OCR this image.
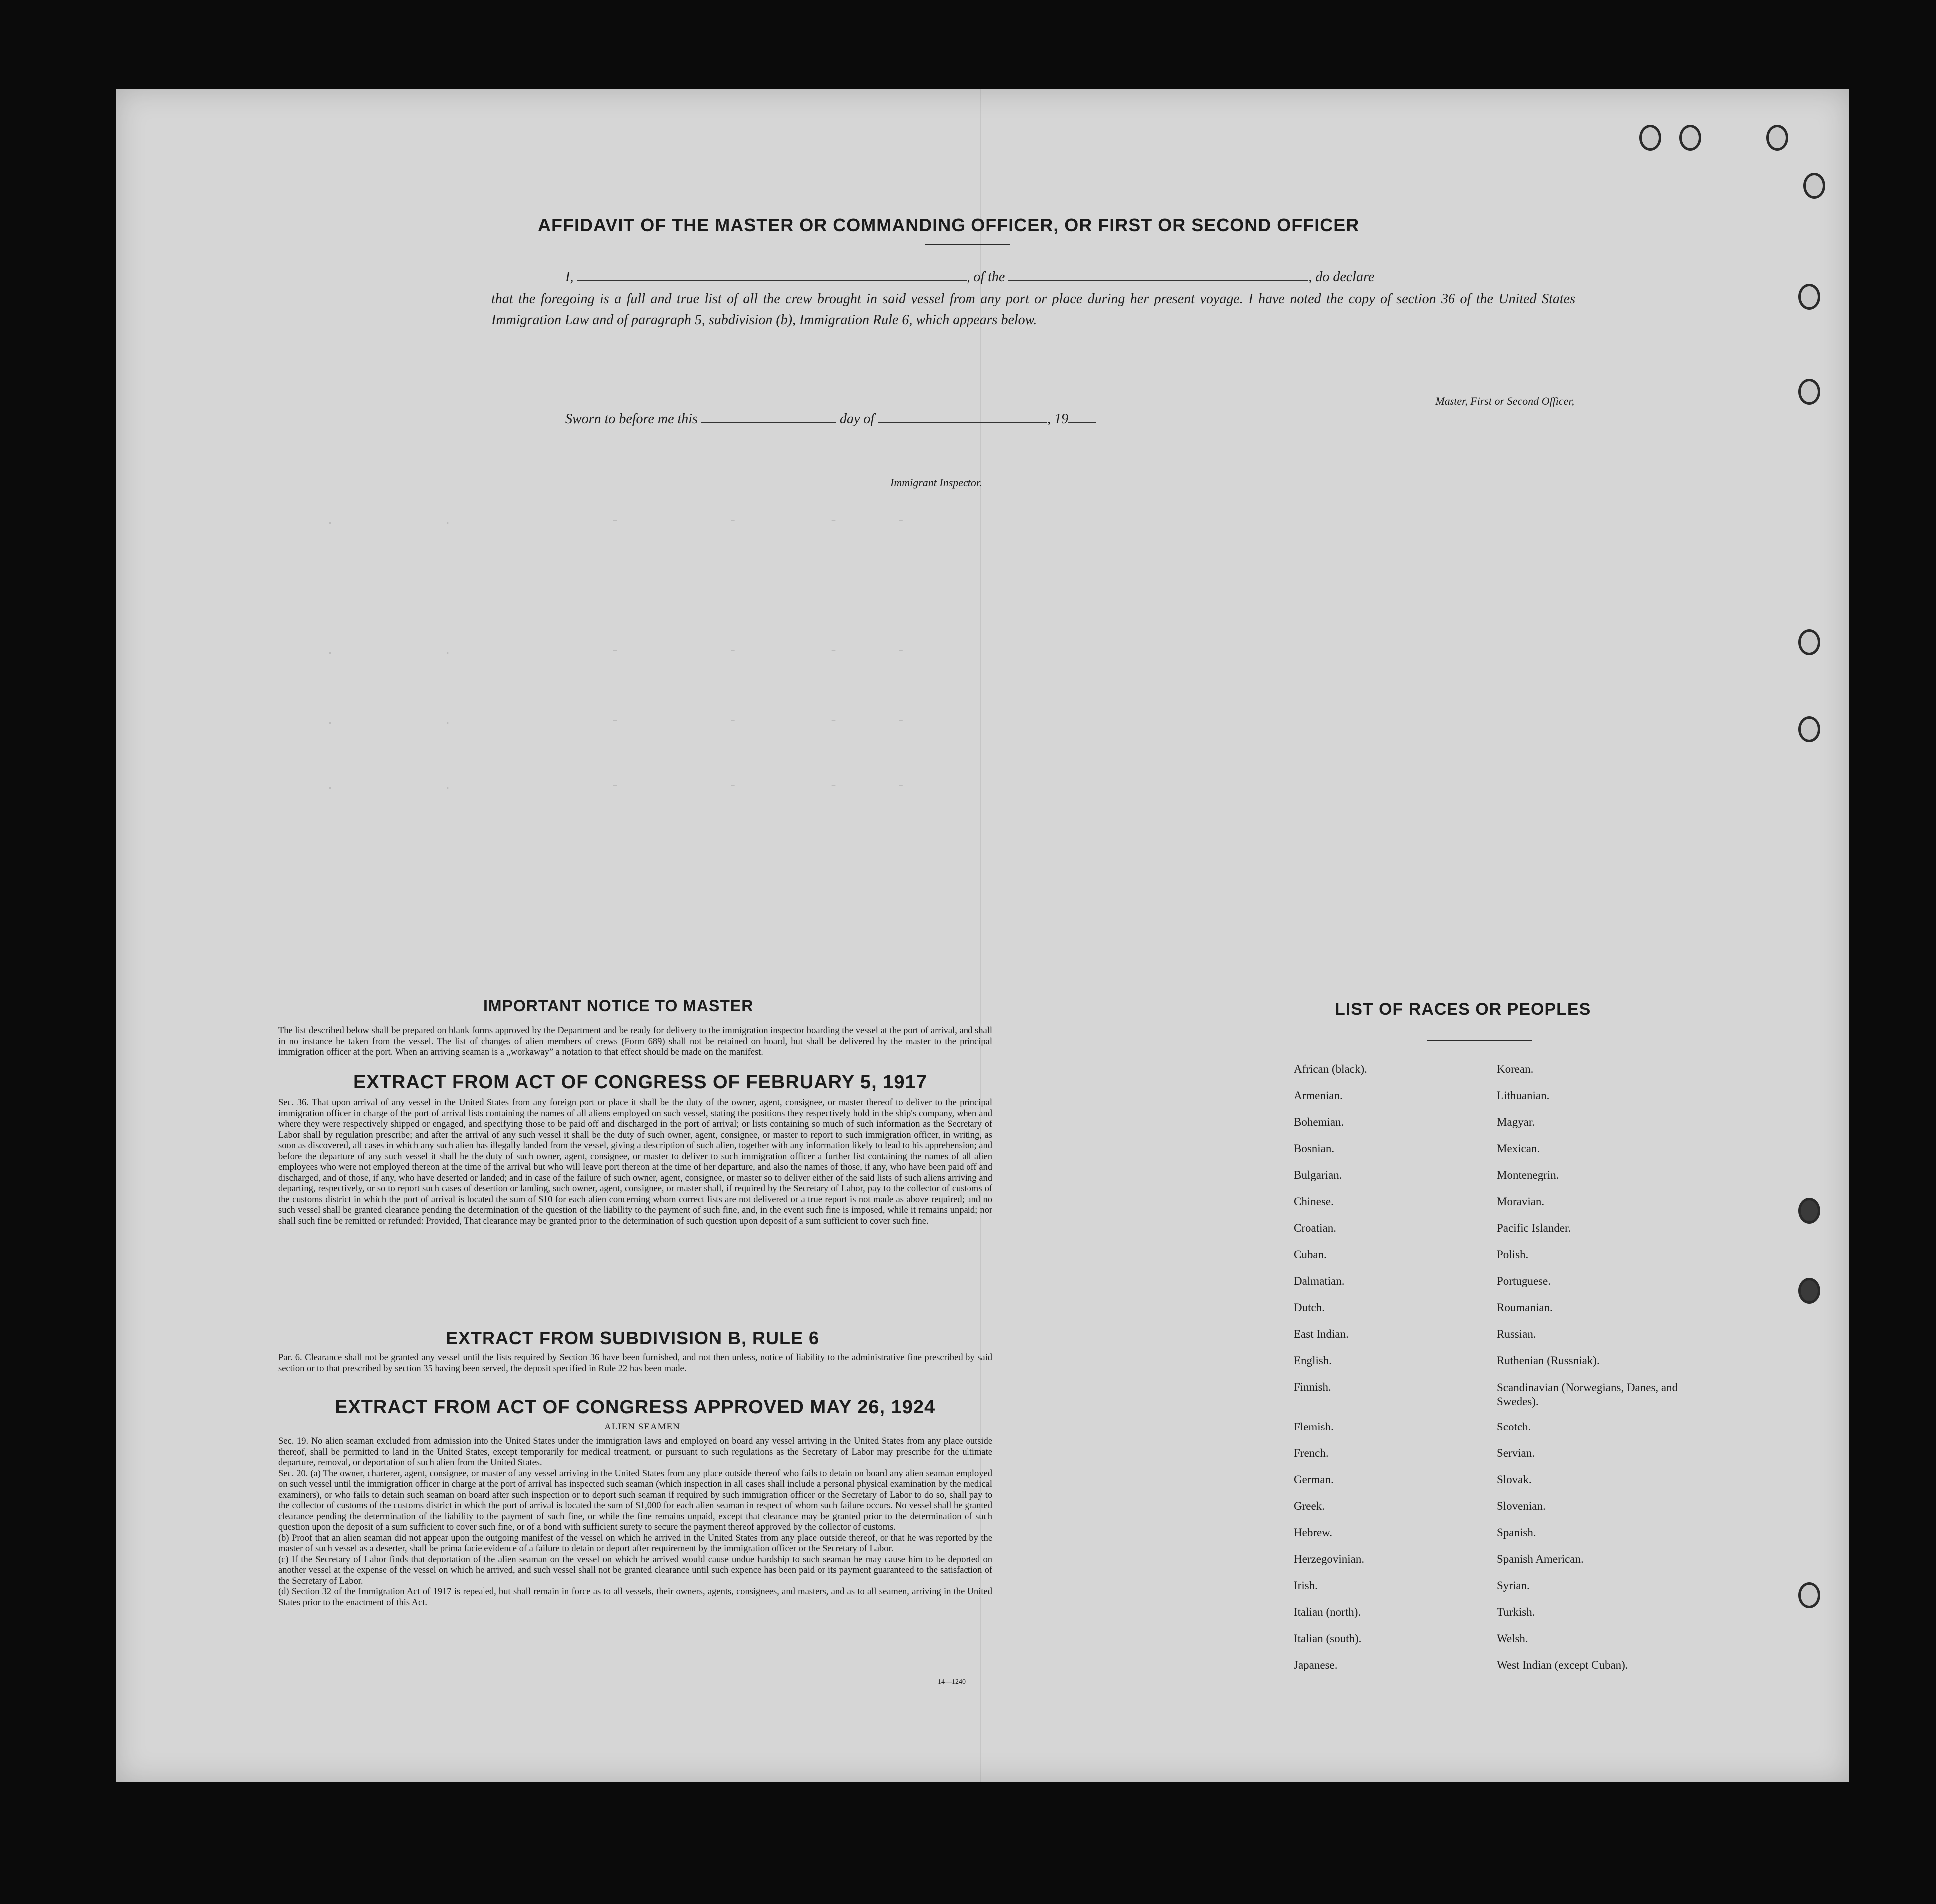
AFFIDAVIT OF THE MASTER OR COMMANDING OFFICER, OR FIRST OR SECOND OFFICER
I,	, of the	, do declare
that the foregoing is a full and true list of all the crew brought in said vessel from any port or place during her present voyage. I have noted the copy of section 36 of the United States Immigration Law and of paragraph 5, subdivision (b), Immigration Rule 6, which appears below.
Master, First or Second Officer,
Sworn to before me this	day of	, 19
Immigrant Inspector.
.             .                   -             -           -       -
.             .                   -             -           -       -
.             .                   -             -           -       -
.             .                   -             -           -       -
IMPORTANT NOTICE TO MASTER
The list described below shall be prepared on blank forms approved by the Department and be ready for delivery to the immigration inspector boarding the vessel at the port of arrival, and shall in no instance be taken from the vessel. The list of changes of alien members of crews (Form 689) shall not be retained on board, but shall be delivered by the master to the principal immigration officer at the port. When an arriving seaman is a „workaway” a notation to that effect should be made on the manifest.
EXTRACT FROM ACT OF CONGRESS OF FEBRUARY 5, 1917
Sec. 36. That upon arrival of any vessel in the United States from any foreign port or place it shall be the duty of the owner, agent, consignee, or master thereof to deliver to the principal immigration officer in charge of the port of arrival lists containing the names of all aliens employed on such vessel, stating the positions they respectively hold in the ship's company, when and where they were respectively shipped or engaged, and specifying those to be paid off and discharged in the port of arrival; or lists containing so much of such information as the Secretary of Labor shall by regulation prescribe; and after the arrival of any such vessel it shall be the duty of such owner, agent, consignee, or master to report to such immigration officer, in writing, as soon as discovered, all cases in which any such alien has illegally landed from the vessel, giving a description of such alien, together with any information likely to lead to his apprehension; and before the departure of any such vessel it shall be the duty of such owner, agent, consignee, or master to deliver to such immigration officer a further list containing the names of all alien employees who were not employed thereon at the time of the arrival but who will leave port thereon at the time of her departure, and also the names of those, if any, who have been paid off and discharged, and of those, if any, who have deserted or landed; and in case of the failure of such owner, agent, consignee, or master so to deliver either of the said lists of such aliens arriving and departing, respectively, or so to report such cases of desertion or landing, such owner, agent, consignee, or master shall, if required by the Secretary of Labor, pay to the collector of customs of the customs district in which the port of arrival is located the sum of $10 for each alien concerning whom correct lists are not delivered or a true report is not made as above required; and no such vessel shall be granted clearance pending the determination of the question of the liability to the payment of such fine, and, in the event such fine is imposed, while it remains unpaid; nor shall such fine be remitted or refunded: Provided, That clearance may be granted prior to the determination of such question upon deposit of a sum sufficient to cover such fine.
EXTRACT FROM SUBDIVISION B, RULE 6
Par. 6. Clearance shall not be granted any vessel until the lists required by Section 36 have been furnished, and not then unless, notice of liability to the administrative fine prescribed by said section or to that prescribed by section 35 having been served, the deposit specified in Rule 22 has been made.
EXTRACT FROM ACT OF CONGRESS APPROVED MAY 26, 1924
ALIEN SEAMEN
Sec. 19. No alien seaman excluded from admission into the United States under the immigration laws and employed on board any vessel arriving in the United States from any place outside thereof, shall be permitted to land in the United States, except temporarily for medical treatment, or pursuant to such regulations as the Secretary of Labor may prescribe for the ultimate departure, removal, or deportation of such alien from the United States.
Sec. 20. (a) The owner, charterer, agent, consignee, or master of any vessel arriving in the United States from any place outside thereof who fails to detain on board any alien seaman employed on such vessel until the immigration officer in charge at the port of arrival has inspected such seaman (which inspection in all cases shall include a personal physical examination by the medical examiners), or who fails to detain such seaman on board after such inspection or to deport such seaman if required by such immigration officer or the Secretary of Labor to do so, shall pay to the collector of customs of the customs district in which the port of arrival is located the sum of $1,000 for each alien seaman in respect of whom such failure occurs. No vessel shall be granted clearance pending the determination of the liability to the payment of such fine, or while the fine remains unpaid, except that clearance may be granted prior to the determination of such question upon the deposit of a sum sufficient to cover such fine, or of a bond with sufficient surety to secure the payment thereof approved by the collector of customs.
(b) Proof that an alien seaman did not appear upon the outgoing manifest of the vessel on which he arrived in the United States from any place outside thereof, or that he was reported by the master of such vessel as a deserter, shall be prima facie evidence of a failure to detain or deport after requirement by the immigration officer or the Secretary of Labor.
(c) If the Secretary of Labor finds that deportation of the alien seaman on the vessel on which he arrived would cause undue hardship to such seaman he may cause him to be deported on another vessel at the expense of the vessel on which he arrived, and such vessel shall not be granted clearance until such expence has been paid or its payment guaranteed to the satisfaction of the Secretary of Labor.
(d) Section 32 of the Immigration Act of 1917 is repealed, but shall remain in force as to all vessels, their owners, agents, consignees, and masters, and as to all seamen, arriving in the United States prior to the enactment of this Act.
14—1240
LIST OF RACES OR PEOPLES
African (black).
Armenian.
Bohemian.
Bosnian.
Bulgarian.
Chinese.
Croatian.
Cuban.
Dalmatian.
Dutch.
East Indian.
English.
Finnish.
Flemish.
French.
German.
Greek.
Hebrew.
Herzegovinian.
Irish.
Italian (north).
Italian (south).
Japanese.
Korean.
Lithuanian.
Magyar.
Mexican.
Montenegrin.
Moravian.
Pacific Islander.
Polish.
Portuguese.
Roumanian.
Russian.
Ruthenian (Russniak).
Scandinavian (Norwegians, Danes, and Swedes).
Scotch.
Servian.
Slovak.
Slovenian.
Spanish.
Spanish American.
Syrian.
Turkish.
Welsh.
West Indian (except Cuban).
